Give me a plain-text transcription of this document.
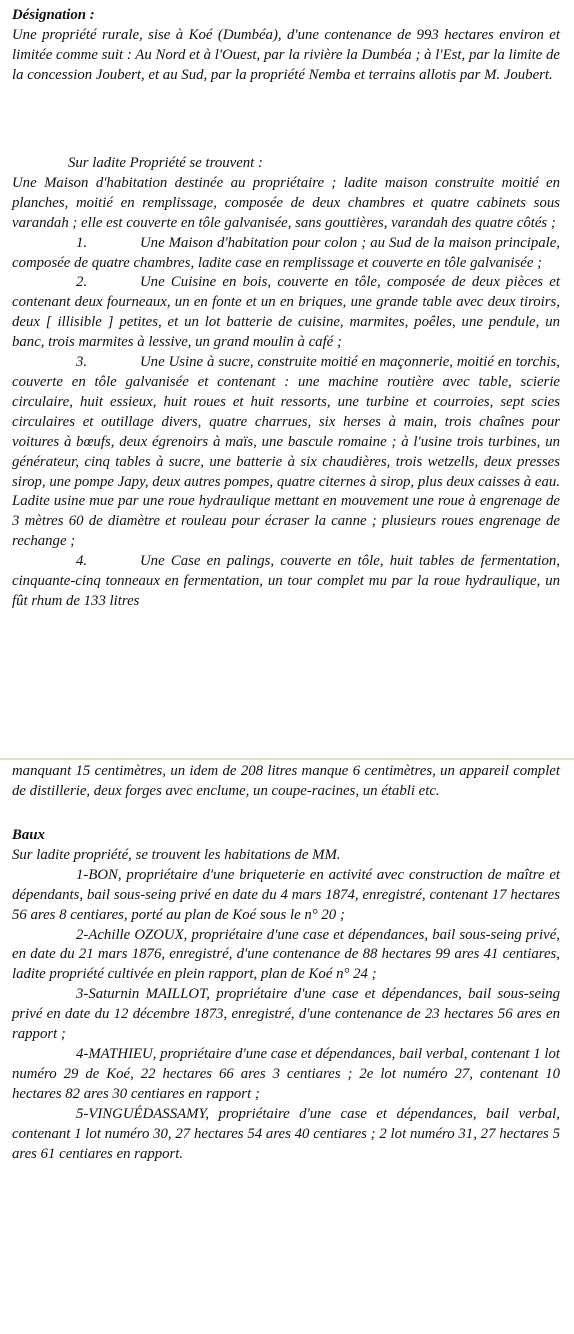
Désignation :

Une propriété rurale, sise à Koé (Dumbéa), d'une contenance de 993 hectares environ et limitée comme suit : Au Nord et à l'Ouest, par la rivière la Dumbéa ; à l'Est, par la limite de la concession Joubert, et au Sud, par la propriété Nemba et terrains allotis par M. Joubert.

Sur ladite Propriété se trouvent :

Une Maison d'habitation destinée au propriétaire ; ladite maison construite moitié en planches, moitié en remplissage, composée de deux chambres et quatre cabinets sous varandah ; elle est couverte en tôle galvanisée, sans gouttières, varandah des quatre côtés ;

1.	Une Maison d'habitation pour colon ; au Sud de la maison principale, composée de quatre chambres, ladite case en remplissage et couverte en tôle galvanisée ;

2.	Une Cuisine en bois, couverte en tôle, composée de deux pièces et contenant deux fourneaux, un en fonte et un en briques, une grande table avec deux tiroirs, deux [ illisible ] petites, et un lot batterie de cuisine, marmites, poêles, une pendule, un banc, trois marmites à lessive, un grand moulin à café ;

3.	Une Usine à sucre, construite moitié en maçonnerie, moitié en torchis, couverte en tôle galvanisée et contenant : une machine routière avec table, scierie circulaire, huit essieux, huit roues et huit ressorts, une turbine et courroies, sept scies circulaires et outillage divers, quatre charrues, six herses à main, trois chaînes pour voitures à bœufs, deux égrenoirs à maïs, une bascule romaine ; à l'usine trois turbines, un générateur, cinq tables à sucre, une batterie à six chaudières, trois wetzells, deux presses sirop, une pompe Japy, deux autres pompes, quatre citernes à sirop, plus deux caisses à eau. Ladite usine mue par une roue hydraulique mettant en mouvement une roue à engrenage de 3 mètres 60 de diamètre et rouleau pour écraser la canne ; plusieurs roues engrenage de rechange ;

4.	Une Case en palings, couverte en tôle, huit tables de fermentation, cinquante-cinq tonneaux en fermentation, un tour complet mu par la roue hydraulique, un fût rhum de 133 litres

manquant 15 centimètres, un idem de 208 litres manque 6 centimètres, un appareil complet de distillerie, deux forges avec enclume, un coupe-racines, un établi etc.

Baux

Sur ladite propriété, se trouvent les habitations de MM.

1-BON, propriétaire d'une briqueterie en activité avec construction de maître et dépendants, bail sous-seing privé en date du 4 mars 1874, enregistré, contenant 17 hectares 56 ares 8 centiares, porté au plan de Koé sous le n° 20 ;

2-Achille OZOUX, propriétaire d'une case et dépendances, bail sous-seing privé, en date du 21 mars 1876, enregistré, d'une contenance de 88 hectares 99 ares 41 centiares, ladite propriété cultivée en plein rapport, plan de Koé n° 24 ;

3-Saturnin MAILLOT, propriétaire d'une case et dépendances, bail sous-seing privé en date du 12 décembre 1873, enregistré, d'une contenance de 23 hectares 56 ares en rapport ;

4-MATHIEU, propriétaire d'une case et dépendances, bail verbal, contenant 1 lot numéro 29 de Koé, 22 hectares 66 ares 3 centiares ; 2e lot numéro 27, contenant 10 hectares 82 ares 30 centiares en rapport ;

5-VINGUÉDASSAMY, propriétaire d'une case et dépendances, bail verbal, contenant 1 lot numéro 30, 27 hectares 54 ares 40 centiares ; 2 lot numéro 31, 27 hectares 5 ares 61 centiares en rapport.
